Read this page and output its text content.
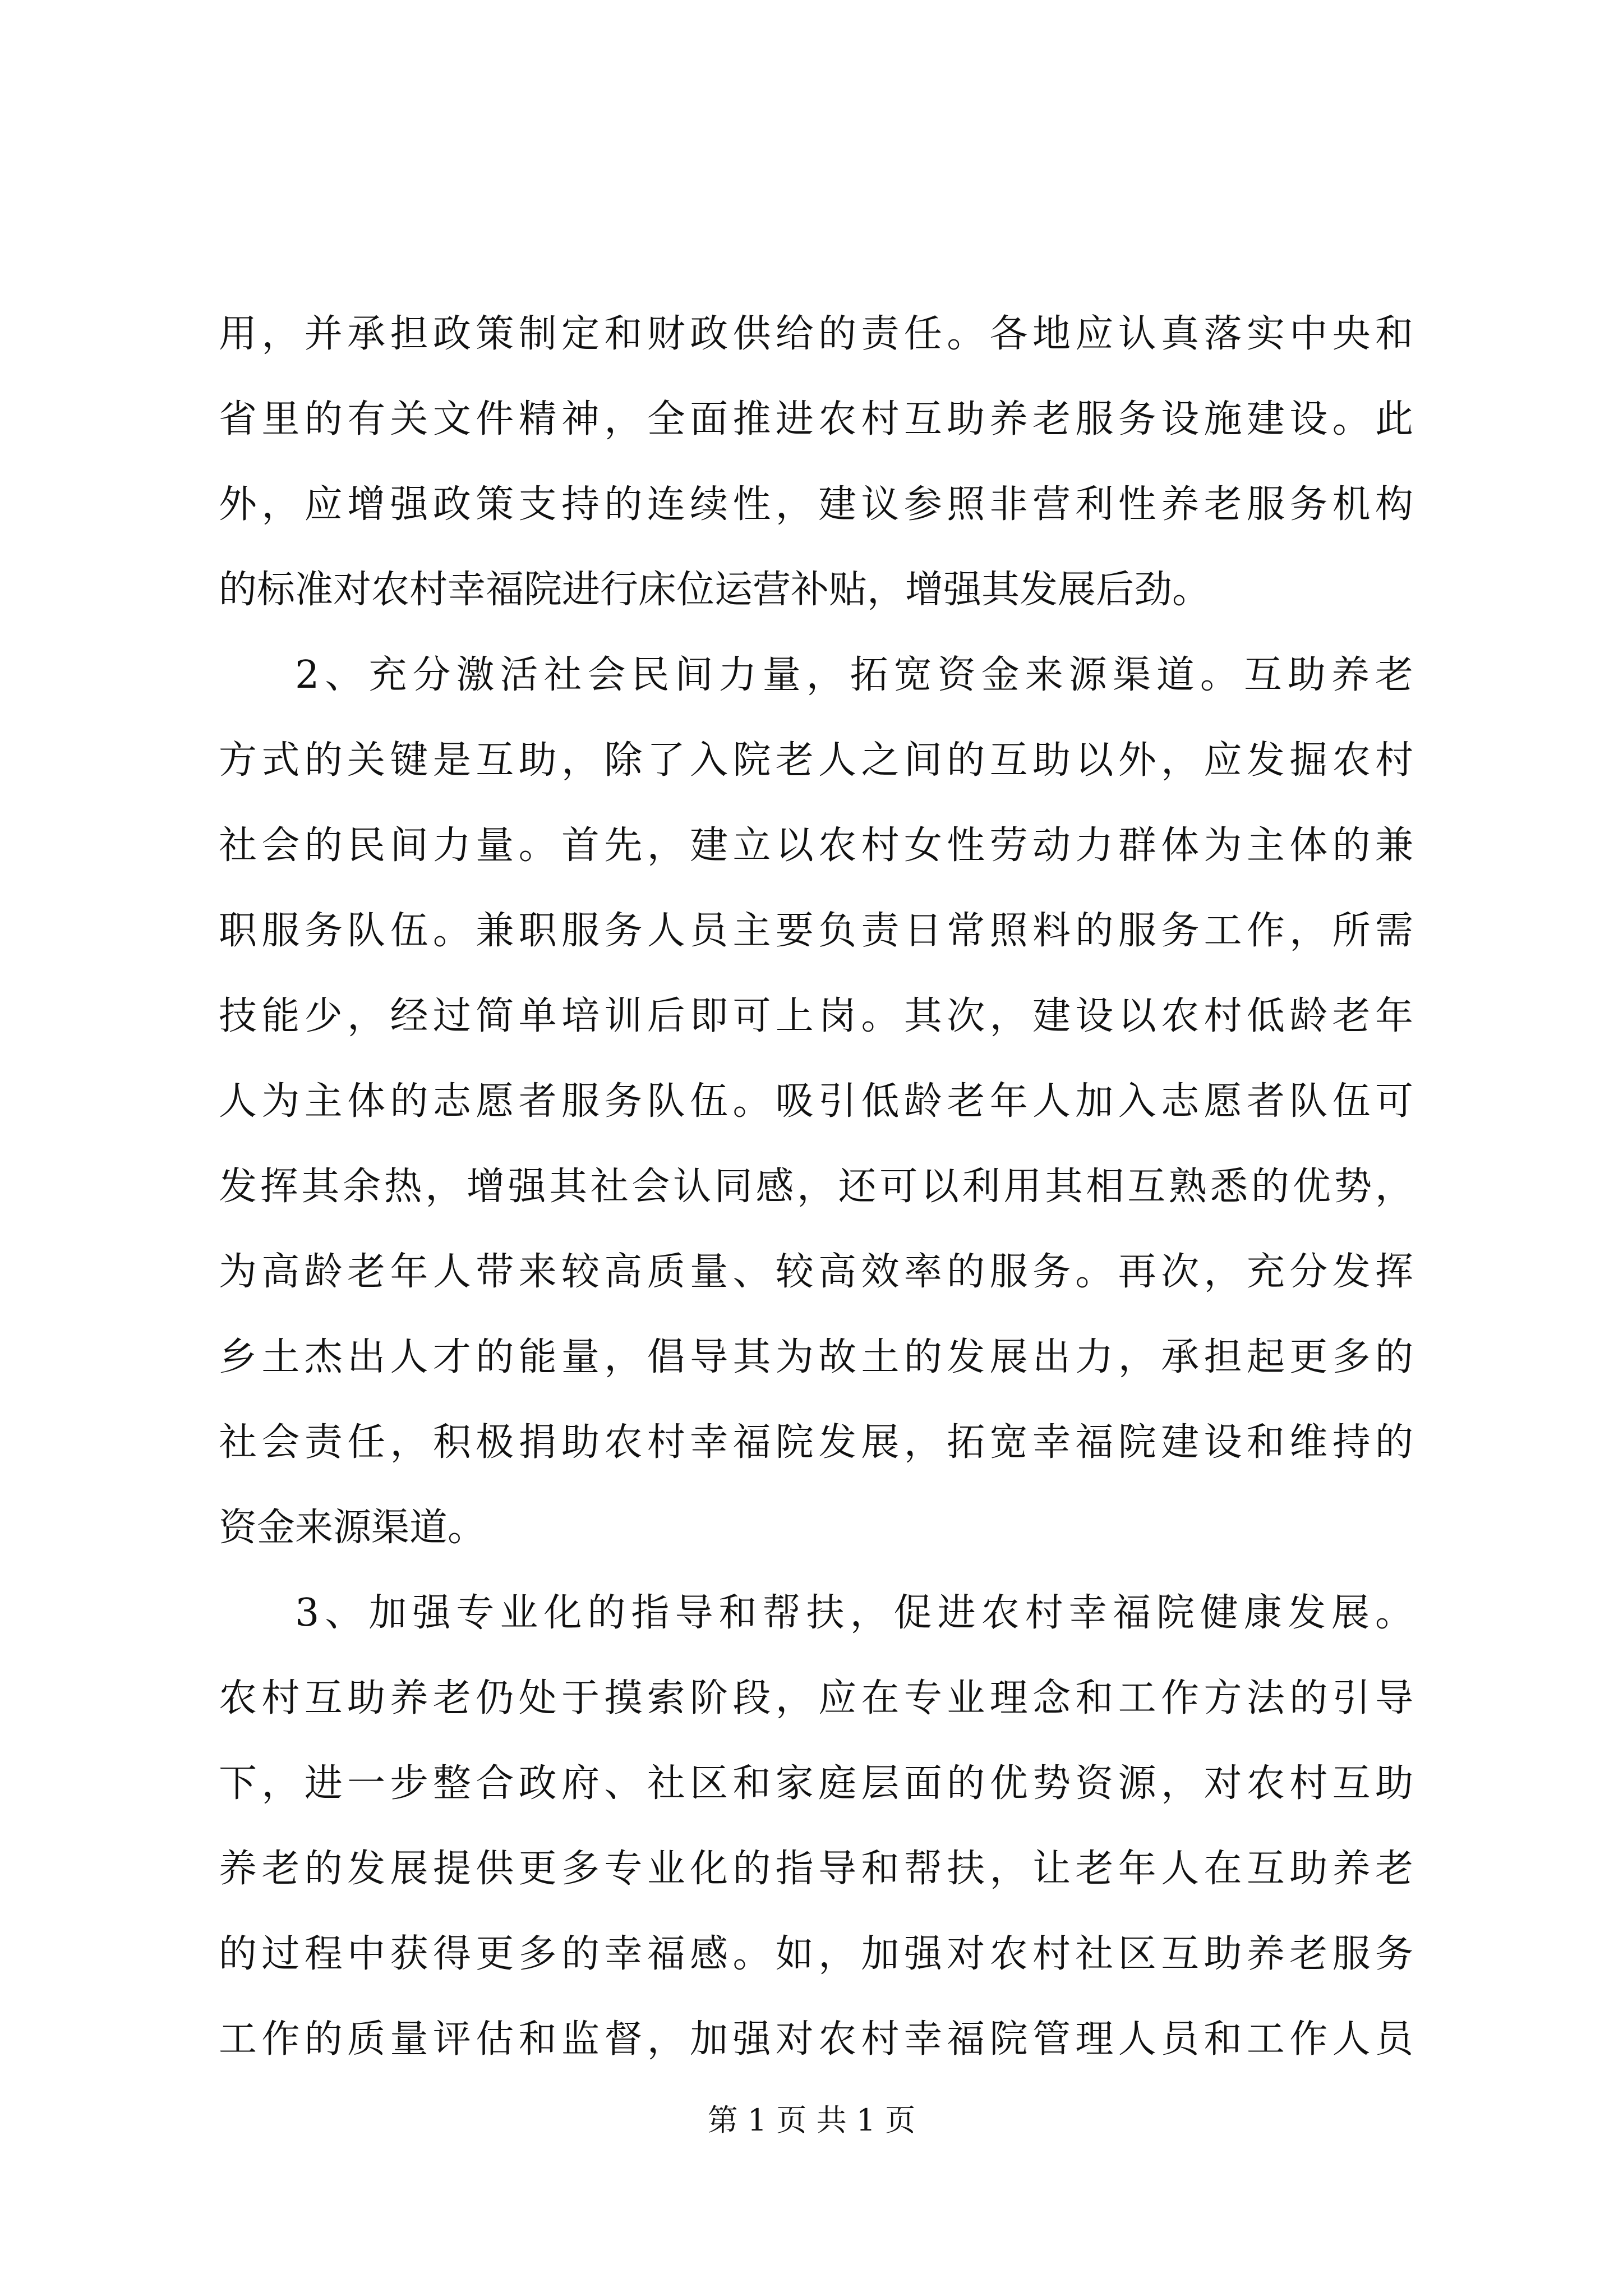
用，并承担政策制定和财政供给的责任。各地应认真落实中央和
省里的有关文件精神，全面推进农村互助养老服务设施建设。此
外，应增强政策支持的连续性，建议参照非营利性养老服务机构
的标准对农村幸福院进行床位运营补贴，增强其发展后劲。
2、充分激活社会民间力量，拓宽资金来源渠道。互助养老
方式的关键是互助，除了入院老人之间的互助以外，应发掘农村
社会的民间力量。首先，建立以农村女性劳动力群体为主体的兼
职服务队伍。兼职服务人员主要负责日常照料的服务工作，所需
技能少，经过简单培训后即可上岗。其次，建设以农村低龄老年
人为主体的志愿者服务队伍。吸引低龄老年人加入志愿者队伍可
发挥其余热，增强其社会认同感，还可以利用其相互熟悉的优势，
为高龄老年人带来较高质量、较高效率的服务。再次，充分发挥
乡土杰出人才的能量，倡导其为故土的发展出力，承担起更多的
社会责任，积极捐助农村幸福院发展，拓宽幸福院建设和维持的
资金来源渠道。
3、加强专业化的指导和帮扶，促进农村幸福院健康发展。
农村互助养老仍处于摸索阶段，应在专业理念和工作方法的引导
下，进一步整合政府、社区和家庭层面的优势资源，对农村互助
养老的发展提供更多专业化的指导和帮扶，让老年人在互助养老
的过程中获得更多的幸福感。如，加强对农村社区互助养老服务
工作的质量评估和监督，加强对农村幸福院管理人员和工作人员
第 1 页 共 1 页
